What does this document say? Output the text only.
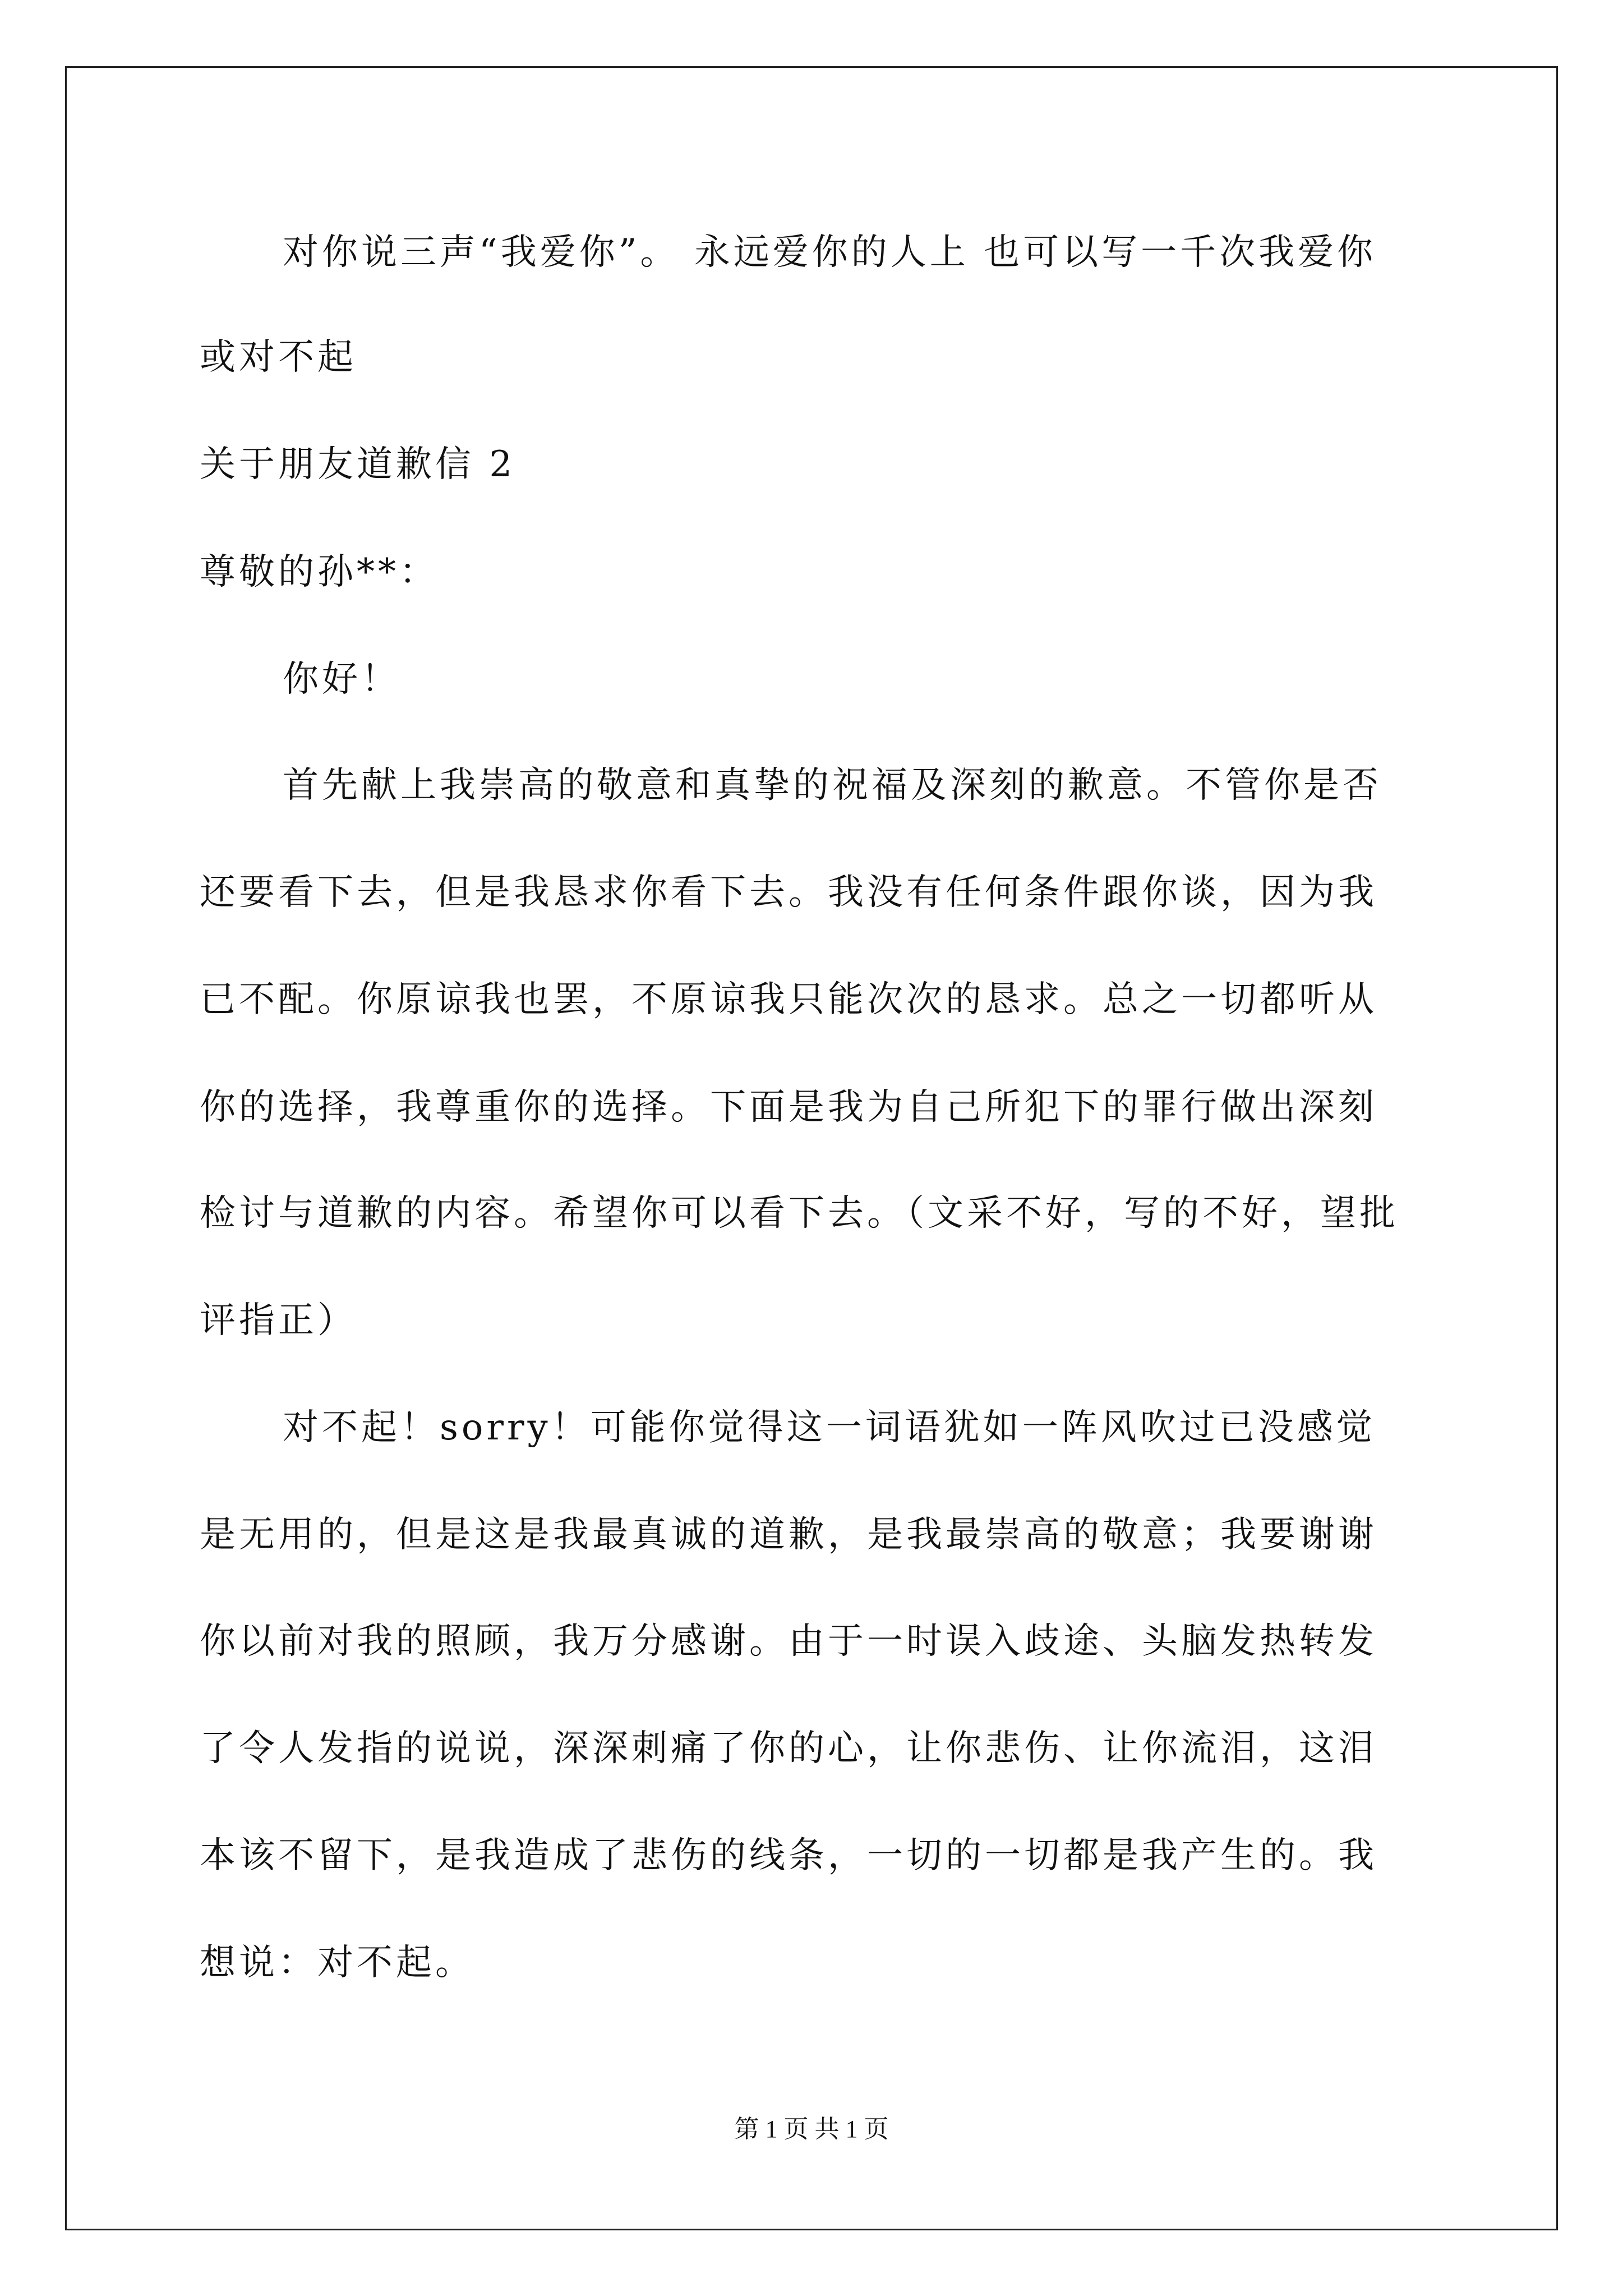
对你说三声“我爱你”。 永远爱你的人上 也可以写一千次我爱你
或对不起
关于朋友道歉信 2
尊敬的孙**：
你好！
首先献上我崇高的敬意和真挚的祝福及深刻的歉意。不管你是否
还要看下去，但是我恳求你看下去。我没有任何条件跟你谈，因为我
已不配。你原谅我也罢，不原谅我只能次次的恳求。总之一切都听从
你的选择，我尊重你的选择。下面是我为自己所犯下的罪行做出深刻
检讨与道歉的内容。希望你可以看下去。（文采不好，写的不好，望批
评指正）
对不起！sorry！可能你觉得这一词语犹如一阵风吹过已没感觉
是无用的，但是这是我最真诚的道歉，是我最崇高的敬意；我要谢谢
你以前对我的照顾，我万分感谢。由于一时误入歧途、头脑发热转发
了令人发指的说说，深深刺痛了你的心，让你悲伤、让你流泪，这泪
本该不留下，是我造成了悲伤的线条，一切的一切都是我产生的。我
想说：对不起。
第 1 页 共 1 页
